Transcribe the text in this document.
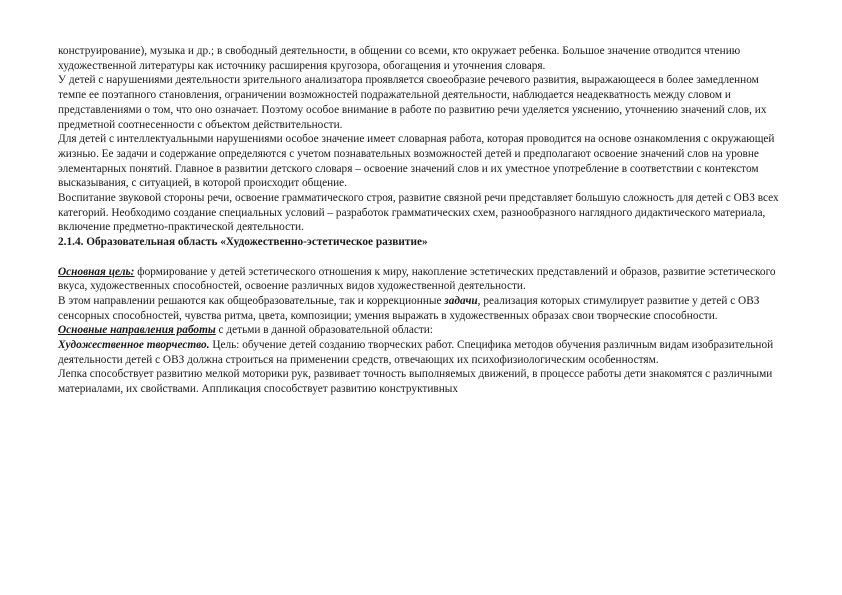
конструирование), музыка и др.; в свободный деятельности, в общении со всеми, кто окружает ребенка. Большое значение отводится чтению художественной литературы как источнику расширения кругозора, обогащения и уточнения словаря.

У детей с нарушениями деятельности зрительного анализатора проявляется своеобразие речевого развития, выражающееся в более замедленном темпе ее поэтапного становления, ограничении возможностей подражательной деятельности, наблюдается неадекватность между словом и представлениями о том, что оно означает. Поэтому особое внимание в работе по развитию речи уделяется уяснению, уточнению значений слов, их предметной соотнесенности с объектом действительности.

Для детей с интеллектуальными нарушениями особое значение имеет словарная работа, которая проводится на основе ознакомления с окружающей жизнью. Ее задачи и содержание определяются с учетом познавательных возможностей детей и предполагают освоение значений слов на уровне элементарных понятий. Главное в развитии детского словаря – освоение значений слов и их уместное употребление в соответствии с контекстом высказывания, с ситуацией, в которой происходит общение.

Воспитание звуковой стороны речи, освоение грамматического строя, развитие связной речи представляет большую сложность для детей с ОВЗ всех категорий. Необходимо создание специальных условий – разработок грамматических схем, разнообразного наглядного дидактического материала, включение предметно-практической деятельности.

2.1.4. Образовательная область «Художественно-эстетическое развитие»

Основная цель: формирование у детей эстетического отношения к миру, накопление эстетических представлений и образов, развитие эстетического вкуса, художественных способностей, освоение различных видов художественной деятельности.

В этом направлении решаются как общеобразовательные, так и коррекционные задачи, реализация которых стимулирует развитие у детей с ОВЗ сенсорных способностей, чувства ритма, цвета, композиции; умения выражать в художественных образах свои творческие способности.

Основные направления работы с детьми в данной образовательной области:

Художественное творчество. Цель: обучение детей созданию творческих работ. Специфика методов обучения различным видам изобразительной деятельности детей с ОВЗ должна строиться на применении средств, отвечающих их психофизиологическим особенностям.

Лепка способствует развитию мелкой моторики рук, развивает точность выполняемых движений, в процессе работы дети знакомятся с различными материалами, их свойствами. Аппликация способствует развитию конструктивных
